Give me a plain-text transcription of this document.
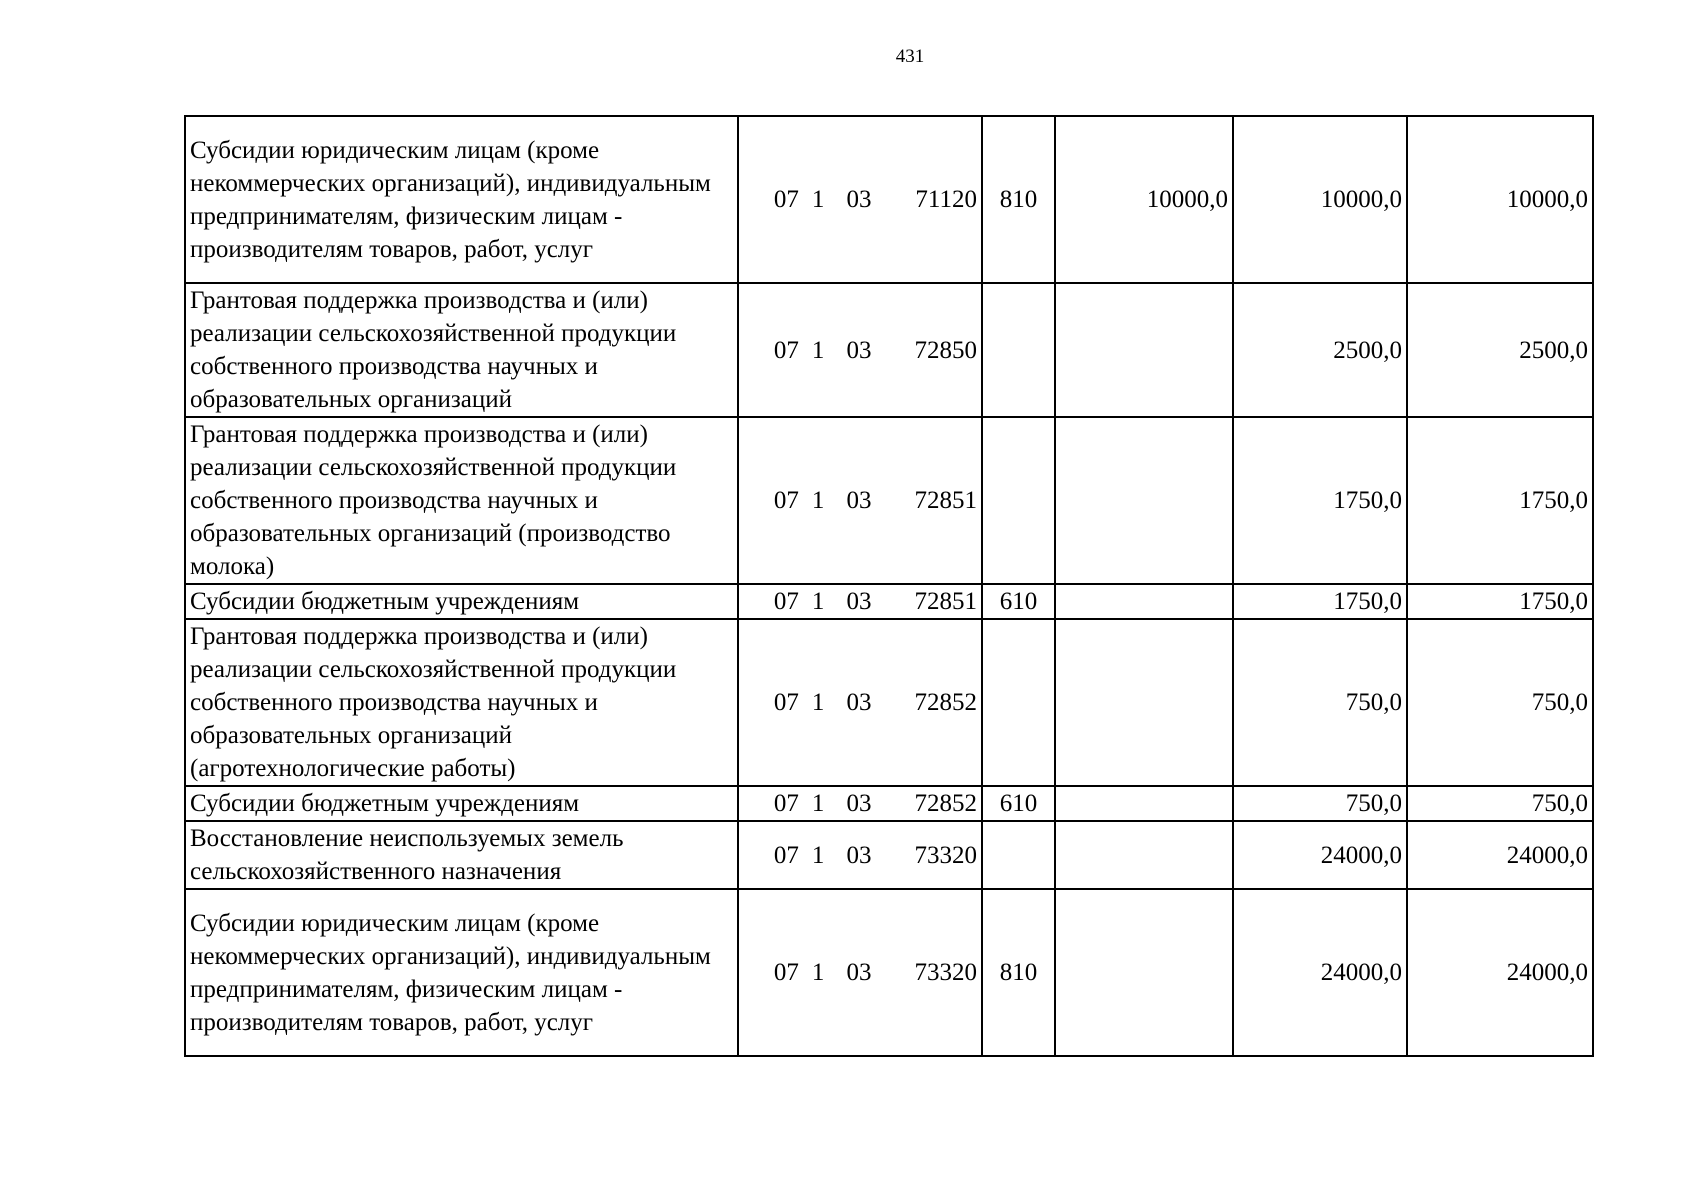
431
Субсидии юридическим лицам (кроме некоммерческих организаций), индивидуальным предпринимателям, физическим лицам - производителям товаров, работ, услуг	07 1 03 71120	810	10000,0	10000,0	10000,0
Грантовая поддержка производства и (или) реализации сельскохозяйственной продукции собственного производства научных и образовательных организаций	07 1 03 72850			2500,0	2500,0
Грантовая поддержка производства и (или) реализации сельскохозяйственной продукции собственного производства научных и образовательных организаций (производство молока)	07 1 03 72851			1750,0	1750,0
Субсидии бюджетным учреждениям	07 1 03 72851	610		1750,0	1750,0
Грантовая поддержка производства и (или) реализации сельскохозяйственной продукции собственного производства научных и образовательных организаций (агротехнологические работы)	07 1 03 72852			750,0	750,0
Субсидии бюджетным учреждениям	07 1 03 72852	610		750,0	750,0
Восстановление неиспользуемых земель сельскохозяйственного назначения	07 1 03 73320			24000,0	24000,0
Субсидии юридическим лицам (кроме некоммерческих организаций), индивидуальным предпринимателям, физическим лицам - производителям товаров, работ, услуг	07 1 03 73320	810		24000,0	24000,0
